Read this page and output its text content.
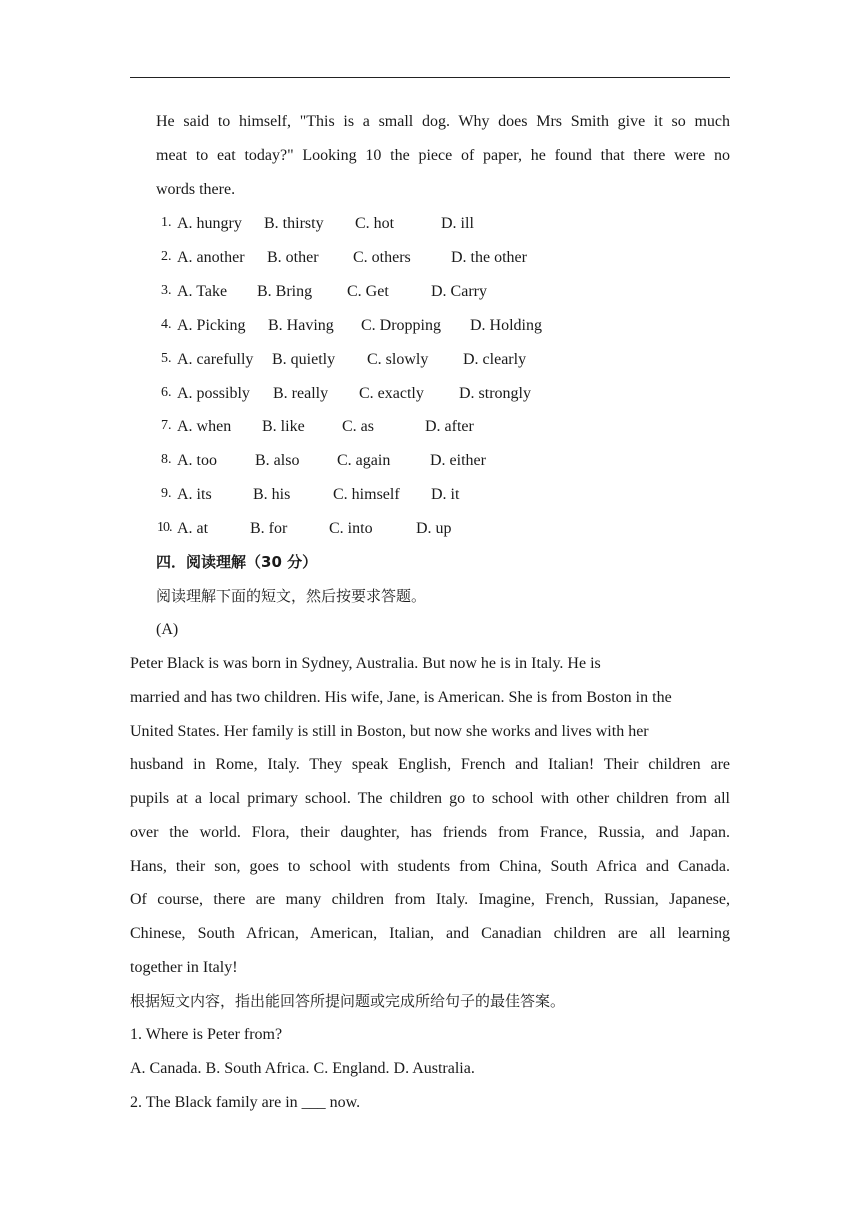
He said to himself, "This is a small dog. Why does Mrs Smith give it so much
meat to eat today?" Looking 10 the piece of paper, he found that there were no
words there.
1. A. hungry B. thirsty C. hot	D. ill
2. A. another B. other C. others	D. the other
3. A. Take B. Bring C. Get	D. Carry
4. A. Picking B. Having C. Dropping D. Holding
5. A. carefully B. quietly C. slowly D. clearly
6. A. possibly B. really C. exactly D. strongly
7. A. when B. like C. as	D. after
8. A. too B. also C. again D. either
9. A. its	B. his	C. himself D. it
10. A. at	B. for	C. into	D. up
四．阅读理解（30 分）
阅读理解下面的短文，然后按要求答题。
(A)
Peter Black is was born in Sydney, Australia. But now he is in Italy. He is
married and has two children. His wife, Jane, is American. She is from Boston in the
United States. Her family is still in Boston, but now she works and lives with her
husband in Rome, Italy. They speak English, French and Italian! Their children are
pupils at a local primary school. The children go to school with other children from all
over the world. Flora, their daughter, has friends from France, Russia, and Japan.
Hans, their son, goes to school with students from China, South Africa and Canada.
Of course, there are many children from Italy. Imagine, French, Russian, Japanese,
Chinese, South African, American, Italian, and Canadian children are all learning
together in Italy!
根据短文内容，指出能回答所提问题或完成所给句子的最佳答案。
1. Where is Peter from?
A. Canada. B. South Africa. C. England. D. Australia.
2. The Black family are in ___ now.
